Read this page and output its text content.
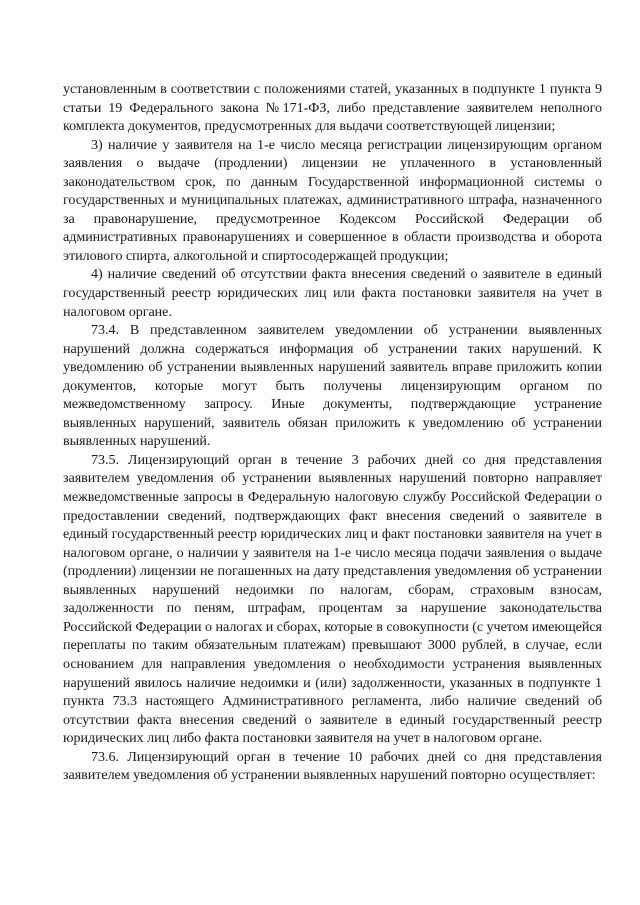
установленным в соответствии с положениями статей, указанных в подпункте 1 пункта 9 статьи 19 Федерального закона №171-ФЗ, либо представление заявителем неполного комплекта документов, предусмотренных для выдачи соответствующей лицензии;

3) наличие у заявителя на 1-е число месяца регистрации лицензирующим органом заявления о выдаче (продлении) лицензии не уплаченного в установленный законодательством срок, по данным Государственной информационной системы о государственных и муниципальных платежах, административного штрафа, назначенного за правонарушение, предусмотренное Кодексом Российской Федерации об административных правонарушениях и совершенное в области производства и оборота этилового спирта, алкогольной и спиртосодержащей продукции;

4) наличие сведений об отсутствии факта внесения сведений о заявителе в единый государственный реестр юридических лиц или факта постановки заявителя на учет в налоговом органе.

73.4. В представленном заявителем уведомлении об устранении выявленных нарушений должна содержаться информация об устранении таких нарушений. К уведомлению об устранении выявленных нарушений заявитель вправе приложить копии документов, которые могут быть получены лицензирующим органом по межведомственному запросу. Иные документы, подтверждающие устранение выявленных нарушений, заявитель обязан приложить к уведомлению об устранении выявленных нарушений.

73.5. Лицензирующий орган в течение 3 рабочих дней со дня представления заявителем уведомления об устранении выявленных нарушений повторно направляет межведомственные запросы в Федеральную налоговую службу Российской Федерации о предоставлении сведений, подтверждающих факт внесения сведений о заявителе в единый государственный реестр юридических лиц и факт постановки заявителя на учет в налоговом органе, о наличии у заявителя на 1-е число месяца подачи заявления о выдаче (продлении) лицензии не погашенных на дату представления уведомления об устранении выявленных нарушений недоимки по налогам, сборам, страховым взносам, задолженности по пеням, штрафам, процентам за нарушение законодательства Российской Федерации о налогах и сборах, которые в совокупности (с учетом имеющейся переплаты по таким обязательным платежам) превышают 3000 рублей, в случае, если основанием для направления уведомления о необходимости устранения выявленных нарушений явилось наличие недоимки и (или) задолженности, указанных в подпункте 1 пункта 73.3 настоящего Административного регламента, либо наличие сведений об отсутствии факта внесения сведений о заявителе в единый государственный реестр юридических лиц либо факта постановки заявителя на учет в налоговом органе.

73.6. Лицензирующий орган в течение 10 рабочих дней со дня представления заявителем уведомления об устранении выявленных нарушений повторно осуществляет:
